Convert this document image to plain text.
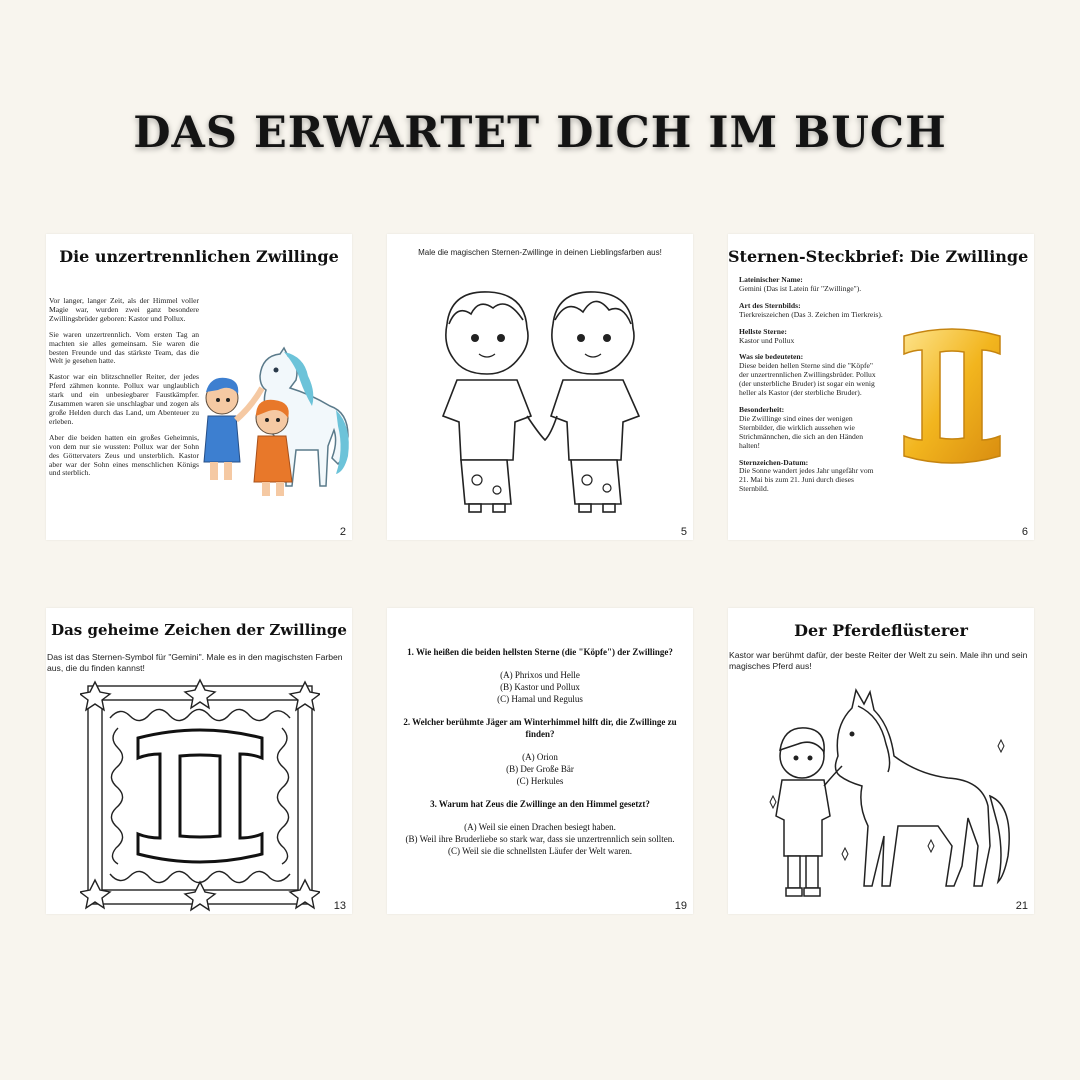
DAS ERWARTET DICH IM BUCH
Die unzertrennlichen Zwillinge

Vor langer, langer Zeit, als der Himmel voller Magie war, wurden zwei ganz besondere Zwillingsbrüder geboren: Kastor und Pollux.

Sie waren unzertrennlich. Vom ersten Tag an machten sie alles gemeinsam. Sie waren die besten Freunde und das stärkste Team, das die Welt je gesehen hatte.

Kastor war ein blitzschneller Reiter, der jedes Pferd zähmen konnte. Pollux war unglaublich stark und ein unbesiegbarer Faustkämpfer. Zusammen waren sie unschlagbar und zogen als große Helden durch das Land, um Abenteuer zu erleben.

Aber die beiden hatten ein großes Geheimnis, von dem nur sie wussten: Pollux war der Sohn des Göttervaters Zeus und unsterblich. Kastor aber war der Sohn eines menschlichen Königs und sterblich.

2
Male die magischen Sternen-Zwillinge in deinen Lieblingsfarben aus!
5
Sternen-Steckbrief: Die Zwillinge
Lateinischer Name:
Gemini (Das ist Latein für "Zwillinge").
Art des Sternbilds:
Tierkreiszeichen (Das 3. Zeichen im Tierkreis).
Hellste Sterne:
Kastor und Pollux
Was sie bedeuteten:
Diese beiden hellen Sterne sind die "Köpfe" der unzertrennlichen Zwillingsbrüder. Pollux (der unsterbliche Bruder) ist sogar ein wenig heller als Kastor (der sterbliche Bruder).
Besonderheit:
Die Zwillinge sind eines der wenigen Sternbilder, die wirklich aussehen wie Strichmännchen, die sich an den Händen halten!
Sternzeichen-Datum:
Die Sonne wandert jedes Jahr ungefähr vom 21. Mai bis zum 21. Juni durch dieses Sternbild.
6
Das geheime Zeichen der Zwillinge
Das ist das Sternen-Symbol für "Gemini". Male es in den magischsten Farben aus, die du finden kannst!
13
1. Wie heißen die beiden hellsten Sterne (die "Köpfe") der Zwillinge?
(A) Phrixos und Helle
(B) Kastor und Pollux
(C) Hamal und Regulus
2. Welcher berühmte Jäger am Winterhimmel hilft dir, die Zwillinge zu finden?
(A) Orion
(B) Der Große Bär
(C) Herkules
3. Warum hat Zeus die Zwillinge an den Himmel gesetzt?
(A) Weil sie einen Drachen besiegt haben.
(B) Weil ihre Bruderliebe so stark war, dass sie unzertrennlich sein sollten.
(C) Weil sie die schnellsten Läufer der Welt waren.
19
Der Pferdeflüsterer
Kastor war berühmt dafür, der beste Reiter der Welt zu sein. Male ihn und sein magisches Pferd aus!
21
